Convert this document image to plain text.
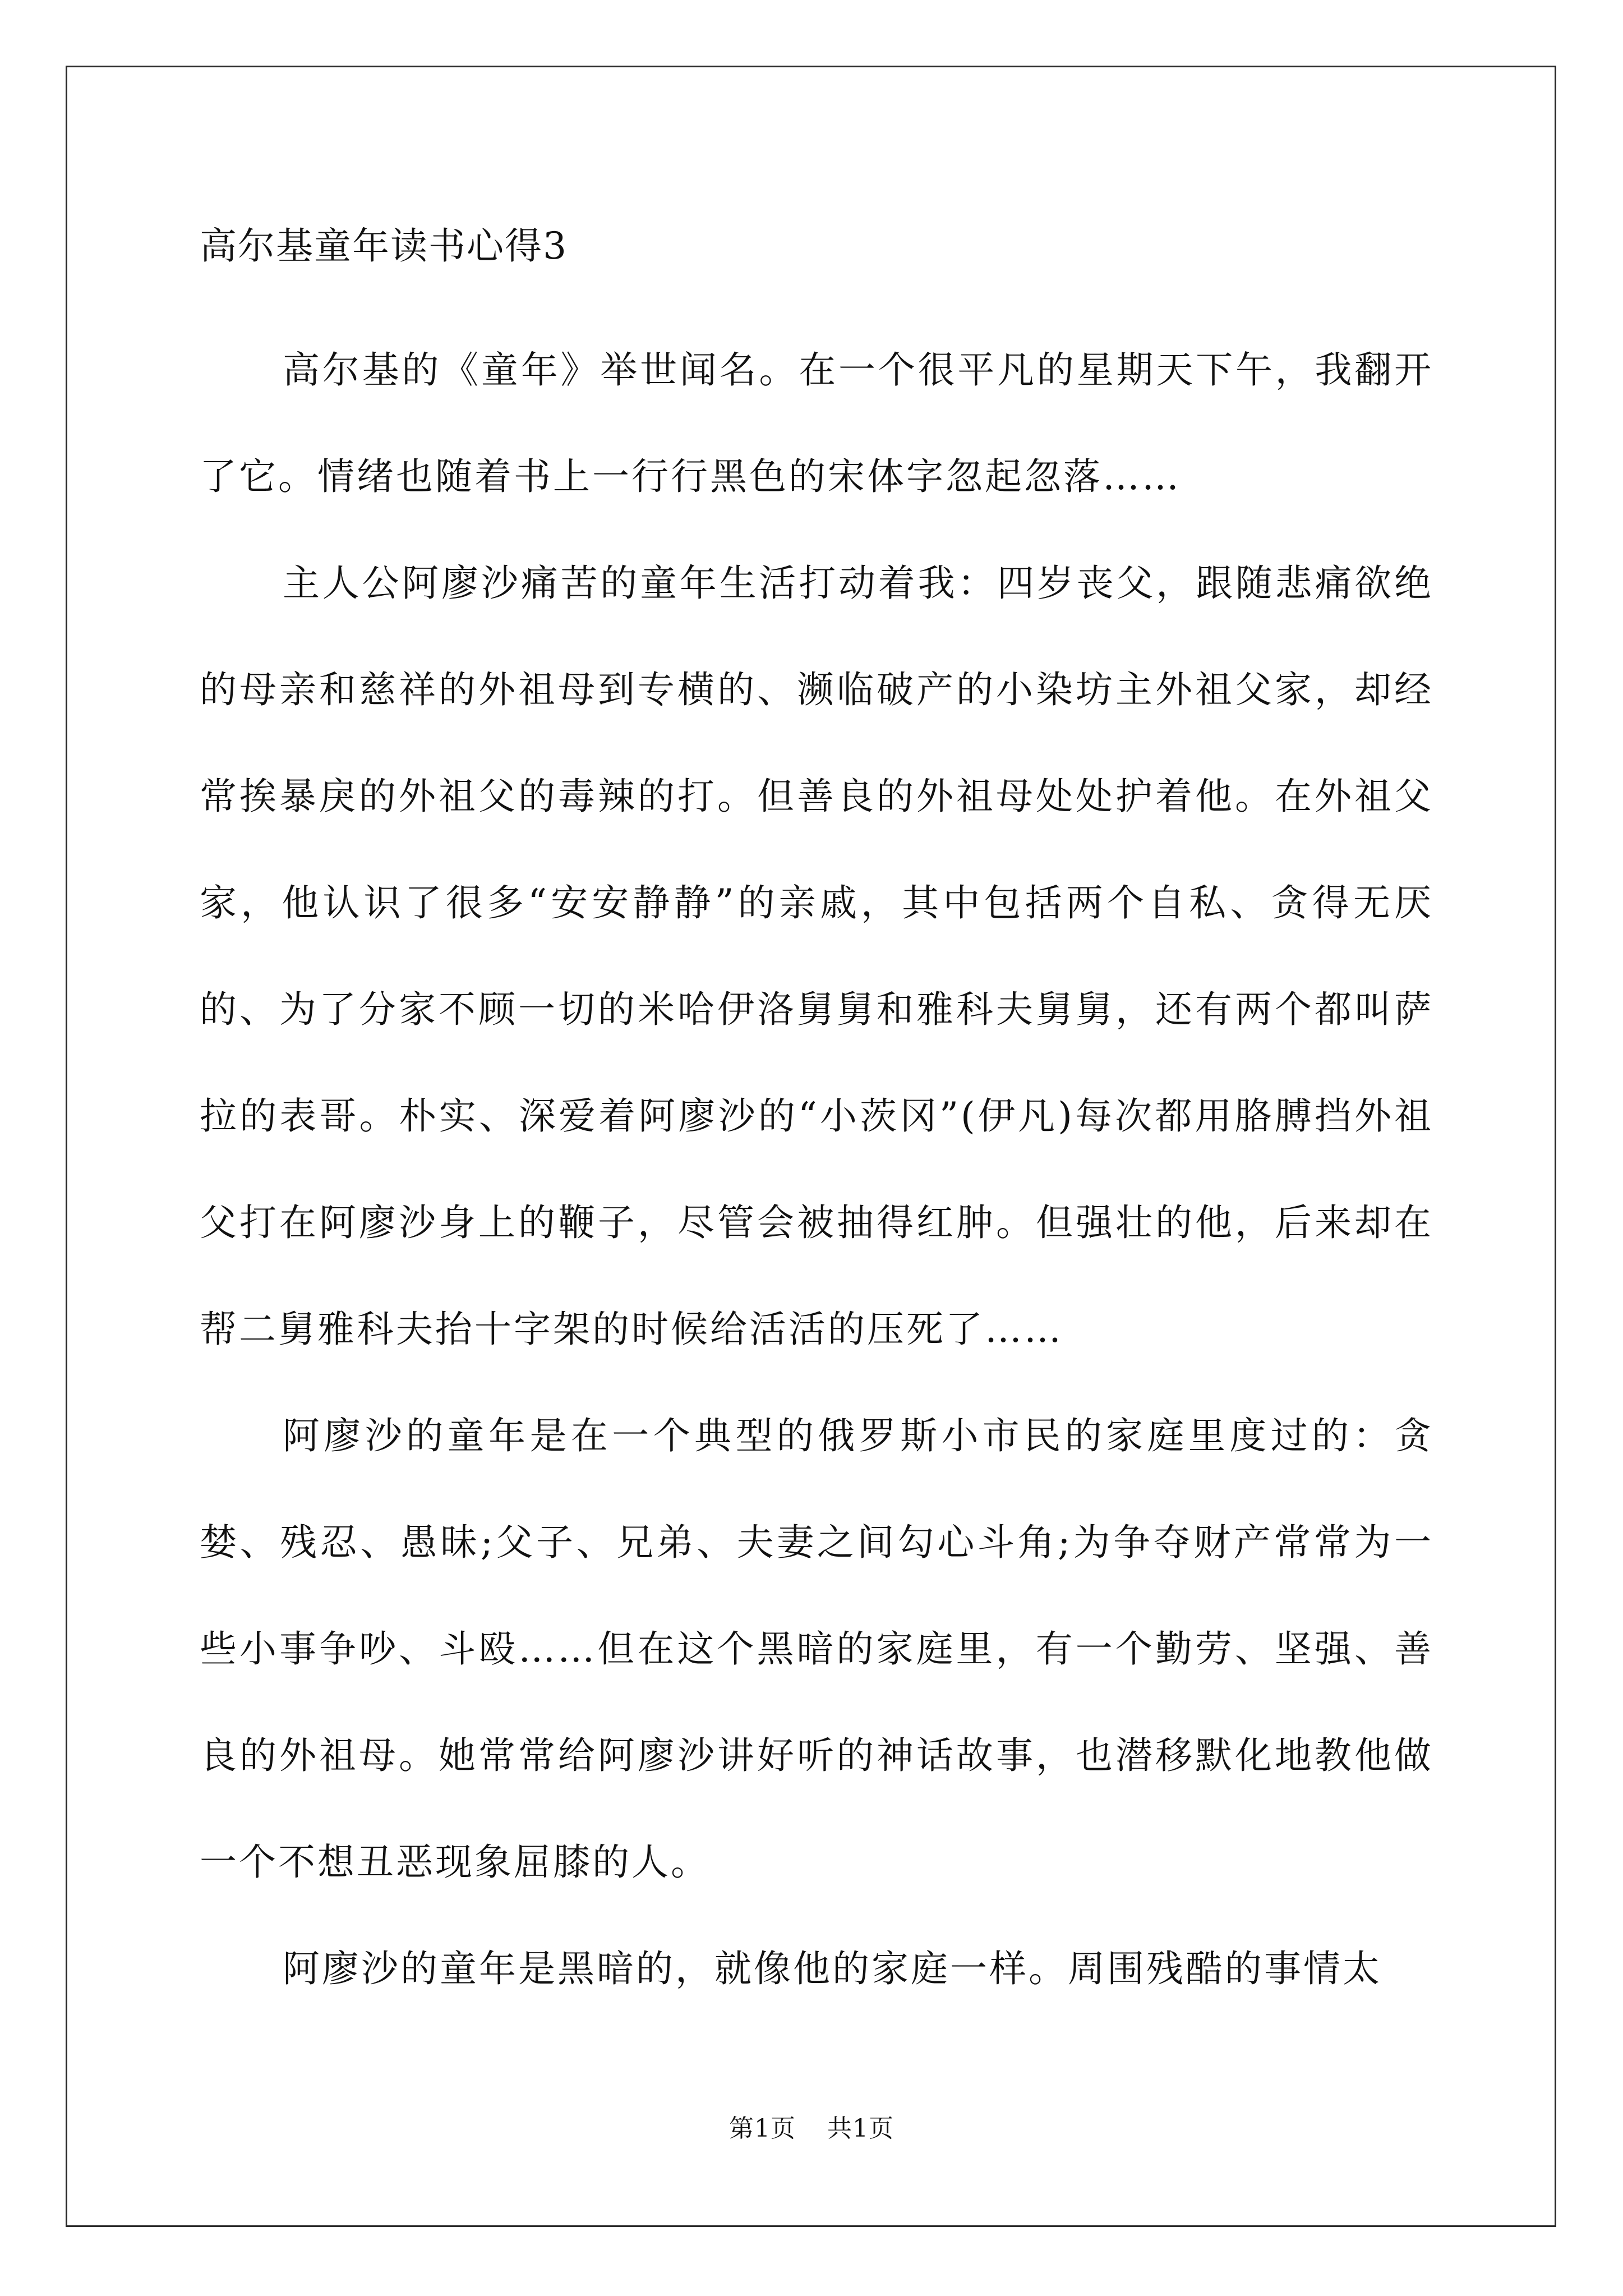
高尔基童年读书心得3

高尔基的《童年》举世闻名。在一个很平凡的星期天下午，我翻开了它。情绪也随着书上一行行黑色的宋体字忽起忽落……

主人公阿廖沙痛苦的童年生活打动着我：四岁丧父，跟随悲痛欲绝的母亲和慈祥的外祖母到专横的、濒临破产的小染坊主外祖父家，却经常挨暴戾的外祖父的毒辣的打。但善良的外祖母处处护着他。在外祖父家，他认识了很多“安安静静”的亲戚，其中包括两个自私、贪得无厌的、为了分家不顾一切的米哈伊洛舅舅和雅科夫舅舅，还有两个都叫萨拉的表哥。朴实、深爱着阿廖沙的“小茨冈”(伊凡)每次都用胳膊挡外祖父打在阿廖沙身上的鞭子，尽管会被抽得红肿。但强壮的他，后来却在帮二舅雅科夫抬十字架的时候给活活的压死了……

阿廖沙的童年是在一个典型的俄罗斯小市民的家庭里度过的：贪婪、残忍、愚昧;父子、兄弟、夫妻之间勾心斗角;为争夺财产常常为一些小事争吵、斗殴……但在这个黑暗的家庭里，有一个勤劳、坚强、善良的外祖母。她常常给阿廖沙讲好听的神话故事，也潜移默化地教他做一个不想丑恶现象屈膝的人。

阿廖沙的童年是黑暗的，就像他的家庭一样。周围残酷的事情太

第1页 共1页
